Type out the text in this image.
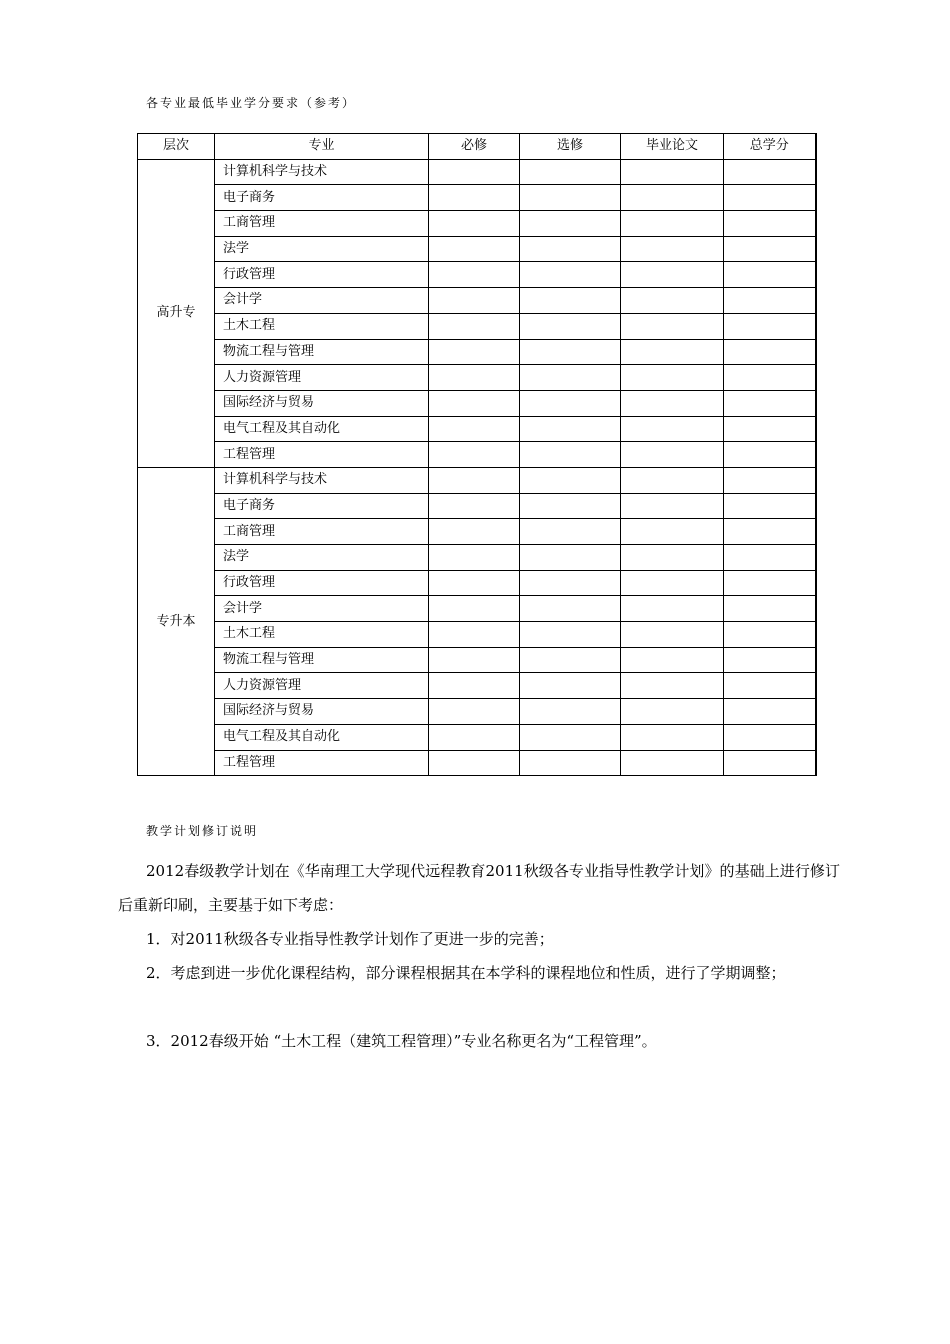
各专业最低毕业学分要求（参考）
层次	专业	必修	选修	毕业论文	总学分
高升专	计算机科学与技术				
	电子商务				
	工商管理				
	法学				
	行政管理				
	会计学				
	土木工程				
	物流工程与管理				
	人力资源管理				
	国际经济与贸易				
	电气工程及其自动化				
	工程管理				
专升本	计算机科学与技术				
	电子商务				
	工商管理				
	法学				
	行政管理				
	会计学				
	土木工程				
	物流工程与管理				
	人力资源管理				
	国际经济与贸易				
	电气工程及其自动化				
	工程管理				
教学计划修订说明

2012春级教学计划在《华南理工大学现代远程教育2011秋级各专业指导性教学计划》的基础上进行修订后重新印刷，主要基于如下考虑：

1．对2011秋级各专业指导性教学计划作了更进一步的完善；

2．考虑到进一步优化课程结构，部分课程根据其在本学科的课程地位和性质，进行了学期调整；

3．2012春级开始 “土木工程（建筑工程管理）”专业名称更名为“工程管理”。
